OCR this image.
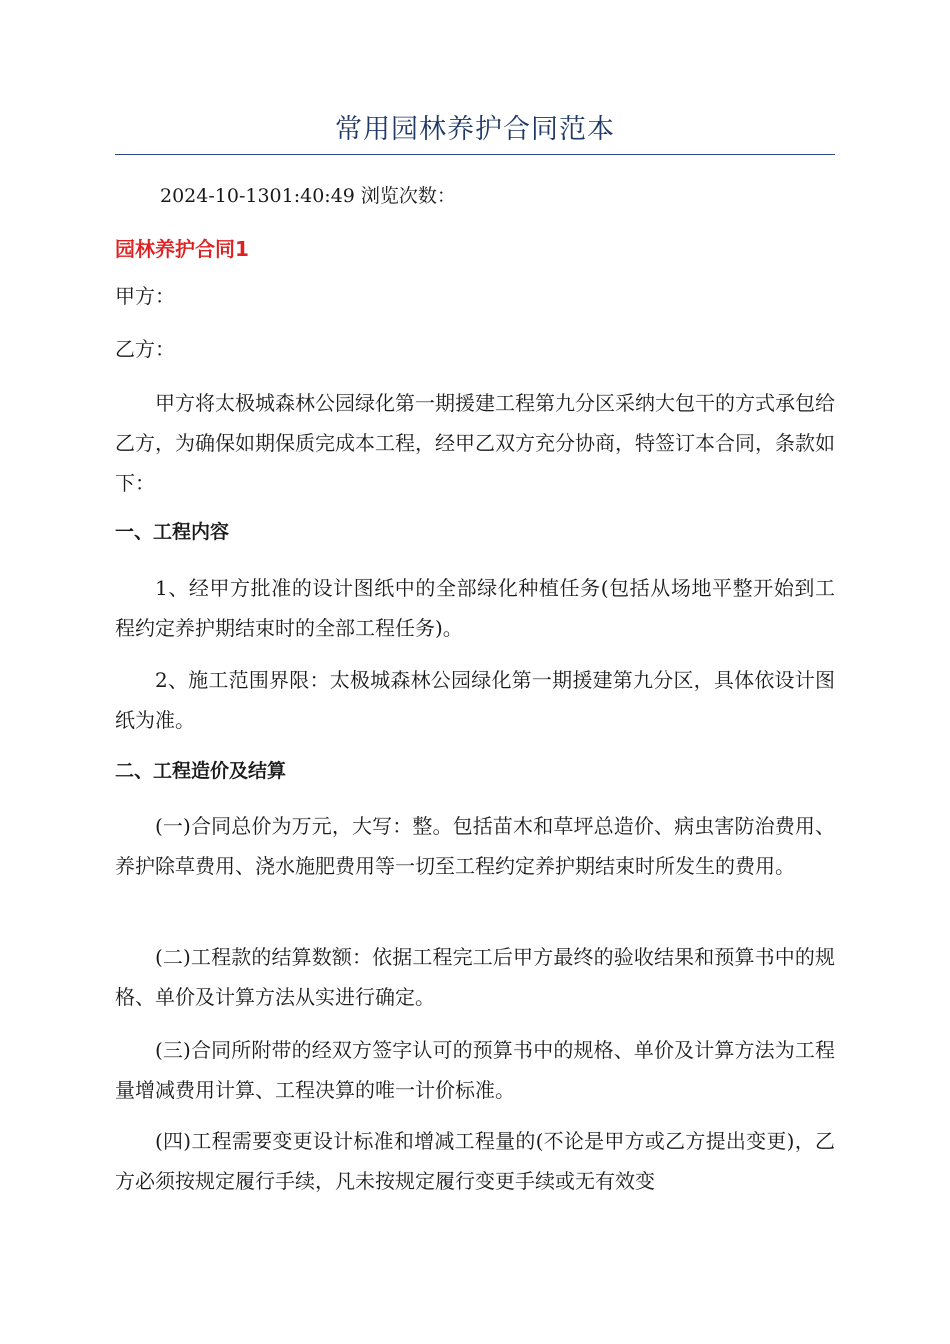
常用园林养护合同范本
2024-10-1301:40:49 浏览次数：
园林养护合同1
甲方：
乙方：
甲方将太极城森林公园绿化第一期援建工程第九分区采纳大包干的方式承包给乙方，为确保如期保质完成本工程，经甲乙双方充分协商，特签订本合同，条款如下：
一、工程内容
1、经甲方批准的设计图纸中的全部绿化种植任务(包括从场地平整开始到工程约定养护期结束时的全部工程任务)。
2、施工范围界限：太极城森林公园绿化第一期援建第九分区，具体依设计图纸为准。
二、工程造价及结算
(一)合同总价为万元，大写：整。包括苗木和草坪总造价、病虫害防治费用、养护除草费用、浇水施肥费用等一切至工程约定养护期结束时所发生的费用。
(二)工程款的结算数额：依据工程完工后甲方最终的验收结果和预算书中的规格、单价及计算方法从实进行确定。
(三)合同所附带的经双方签字认可的预算书中的规格、单价及计算方法为工程量增减费用计算、工程决算的唯一计价标准。
(四)工程需要变更设计标准和增减工程量的(不论是甲方或乙方提出变更)，乙方必须按规定履行手续，凡未按规定履行变更手续或无有效变
